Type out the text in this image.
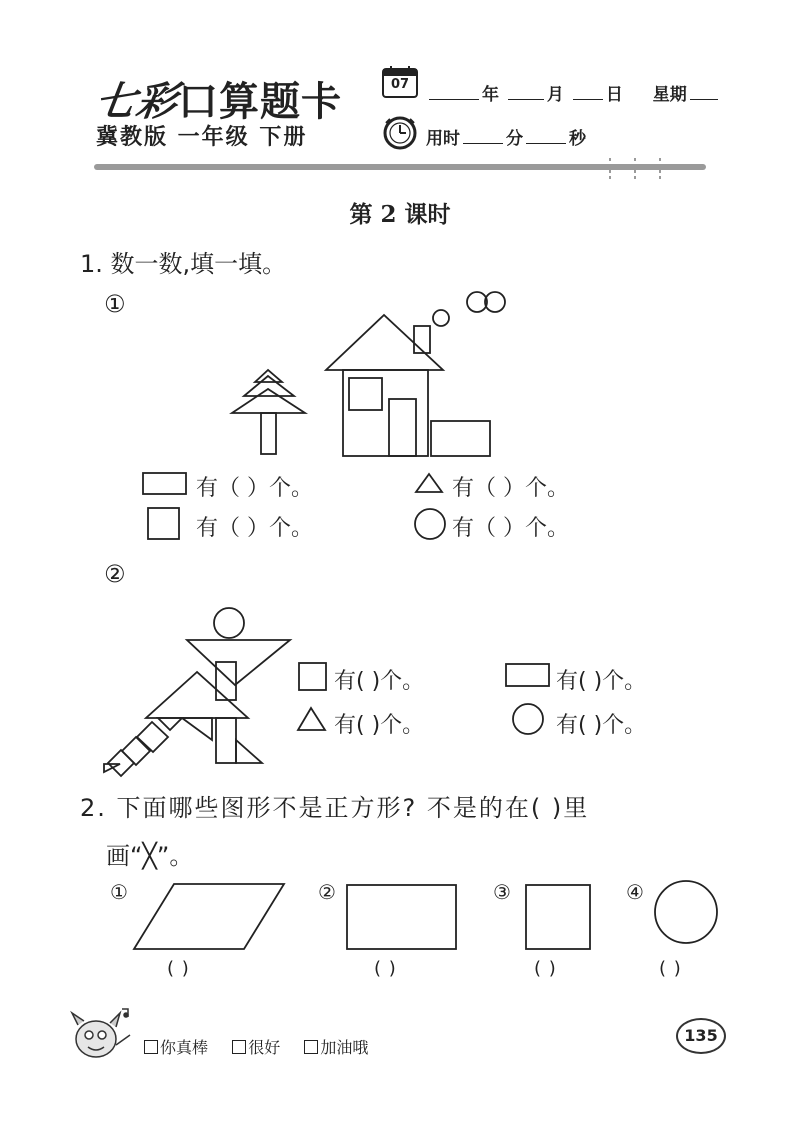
七彩口算题卡
冀教版 一年级 下册
07
年	月 日 星期
用时	分	秒
第 2 课时
1. 数一数,填一填。
①
有（ ）个。	有（ ）个。
有（ ）个。	有（ ）个。
②
有( )个。	有( )个。
有( )个。	有( )个。
2. 下面哪些图形不是正方形? 不是的在( )里
画“╳”。
①	②	③	④
( )	( )	( )	( )
你真棒	很好	加油哦
135
